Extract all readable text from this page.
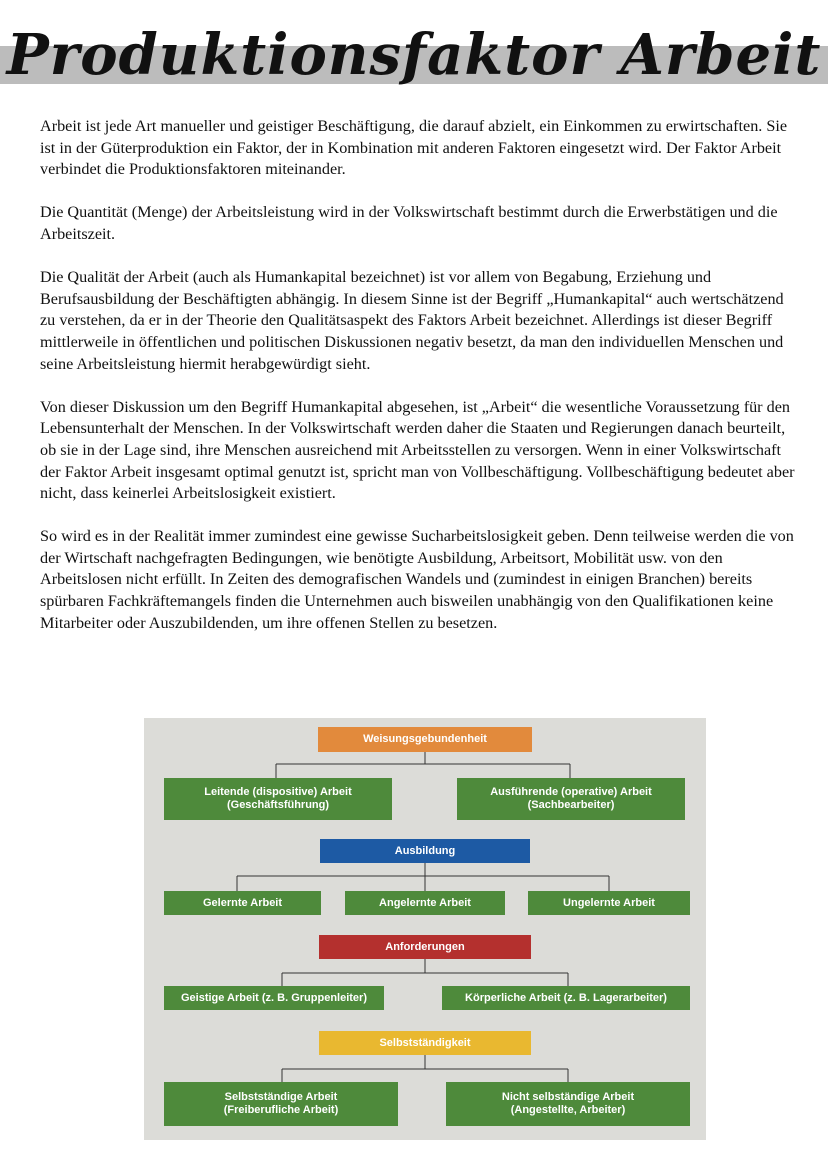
Produktionsfaktor Arbeit

Arbeit ist jede Art manueller und geistiger Beschäftigung, die darauf abzielt, ein Einkommen zu erwirtschaften. Sie ist in der Güterproduktion ein Faktor, der in Kombination mit anderen Faktoren eingesetzt wird. Der Faktor Arbeit verbindet die Produktionsfaktoren miteinander.

Die Quantität (Menge) der Arbeitsleistung wird in der Volkswirtschaft bestimmt durch die Erwerbstätigen und die Arbeitszeit.

Die Qualität der Arbeit (auch als Humankapital bezeichnet) ist vor allem von Begabung, Erziehung und Berufsausbildung der Beschäftigten abhängig. In diesem Sinne ist der Begriff „Humankapital“ auch wertschätzend zu verstehen, da er in der Theorie den Qualitätsaspekt des Faktors Arbeit bezeichnet. Allerdings ist dieser Begriff mittlerweile in öffentlichen und politischen Diskussionen negativ besetzt, da man den individuellen Menschen und seine Arbeitsleistung hiermit herabgewürdigt sieht.

Von dieser Diskussion um den Begriff Humankapital abgesehen, ist „Arbeit“ die wesentliche Voraussetzung für den Lebensunterhalt der Menschen. In der Volkswirtschaft werden daher die Staaten und Regierungen danach beurteilt, ob sie in der Lage sind, ihre Menschen ausreichend mit Arbeitsstellen zu versorgen. Wenn in einer Volkswirtschaft der Faktor Arbeit insgesamt optimal genutzt ist, spricht man von Vollbeschäftigung. Vollbeschäftigung bedeutet aber nicht, dass keinerlei Arbeitslosigkeit existiert.

So wird es in der Realität immer zumindest eine gewisse Sucharbeitslosigkeit geben. Denn teilweise werden die von der Wirtschaft nachgefragten Bedingungen, wie benötigte Ausbildung, Arbeitsort, Mobilität usw. von den Arbeitslosen nicht erfüllt. In Zeiten des demografischen Wandels und (zumindest in einigen Branchen) bereits spürbaren Fachkräftemangels finden die Unternehmen auch bisweilen unabhängig von den Qualifikationen keine Mitarbeiter oder Auszubildenden, um ihre offenen Stellen zu besetzen.

Weisungsgebundenheit
Leitende (dispositive) Arbeit
(Geschäftsführung)
Ausführende (operative) Arbeit
(Sachbearbeiter)
Ausbildung
Gelernte Arbeit	Angelernte Arbeit	Ungelernte Arbeit
Anforderungen
Geistige Arbeit (z. B. Gruppenleiter)	Körperliche Arbeit (z. B. Lagerarbeiter)
Selbstständigkeit
Selbstständige Arbeit
(Freiberufliche Arbeit)
Nicht selbständige Arbeit
(Angestellte, Arbeiter)
